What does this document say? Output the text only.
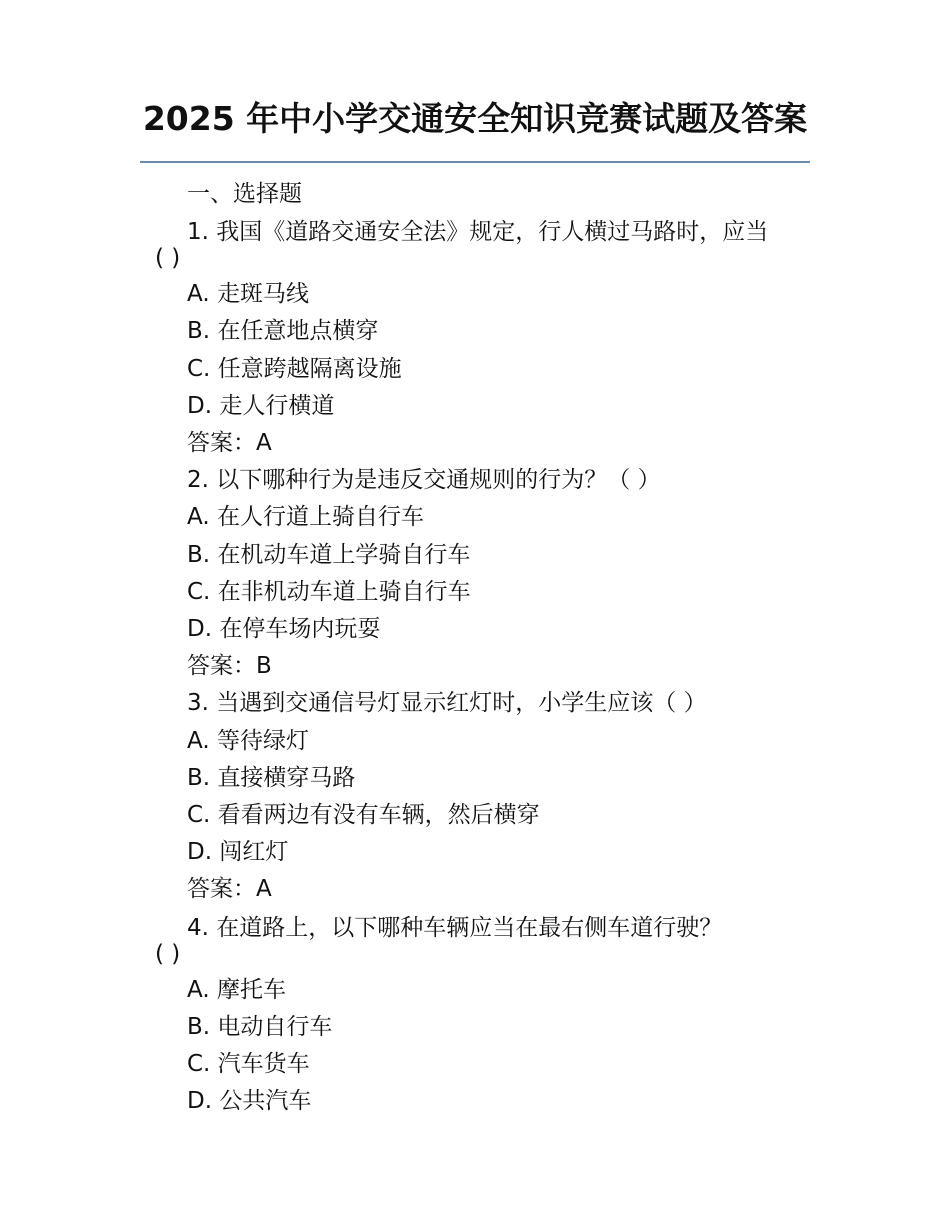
2025 年中小学交通安全知识竞赛试题及答案
一、选择题
1. 我国《道路交通安全法》规定，行人横过马路时，应当
( )
A. 走斑马线
B. 在任意地点横穿
C. 任意跨越隔离设施
D. 走人行横道
答案：A
2. 以下哪种行为是违反交通规则的行为？（ ）
A. 在人行道上骑自行车
B. 在机动车道上学骑自行车
C. 在非机动车道上骑自行车
D. 在停车场内玩耍
答案：B
3. 当遇到交通信号灯显示红灯时，小学生应该（ ）
A. 等待绿灯
B. 直接横穿马路
C. 看看两边有没有车辆，然后横穿
D. 闯红灯
答案：A
4. 在道路上，以下哪种车辆应当在最右侧车道行驶？
( )
A. 摩托车
B. 电动自行车
C. 汽车货车
D. 公共汽车
